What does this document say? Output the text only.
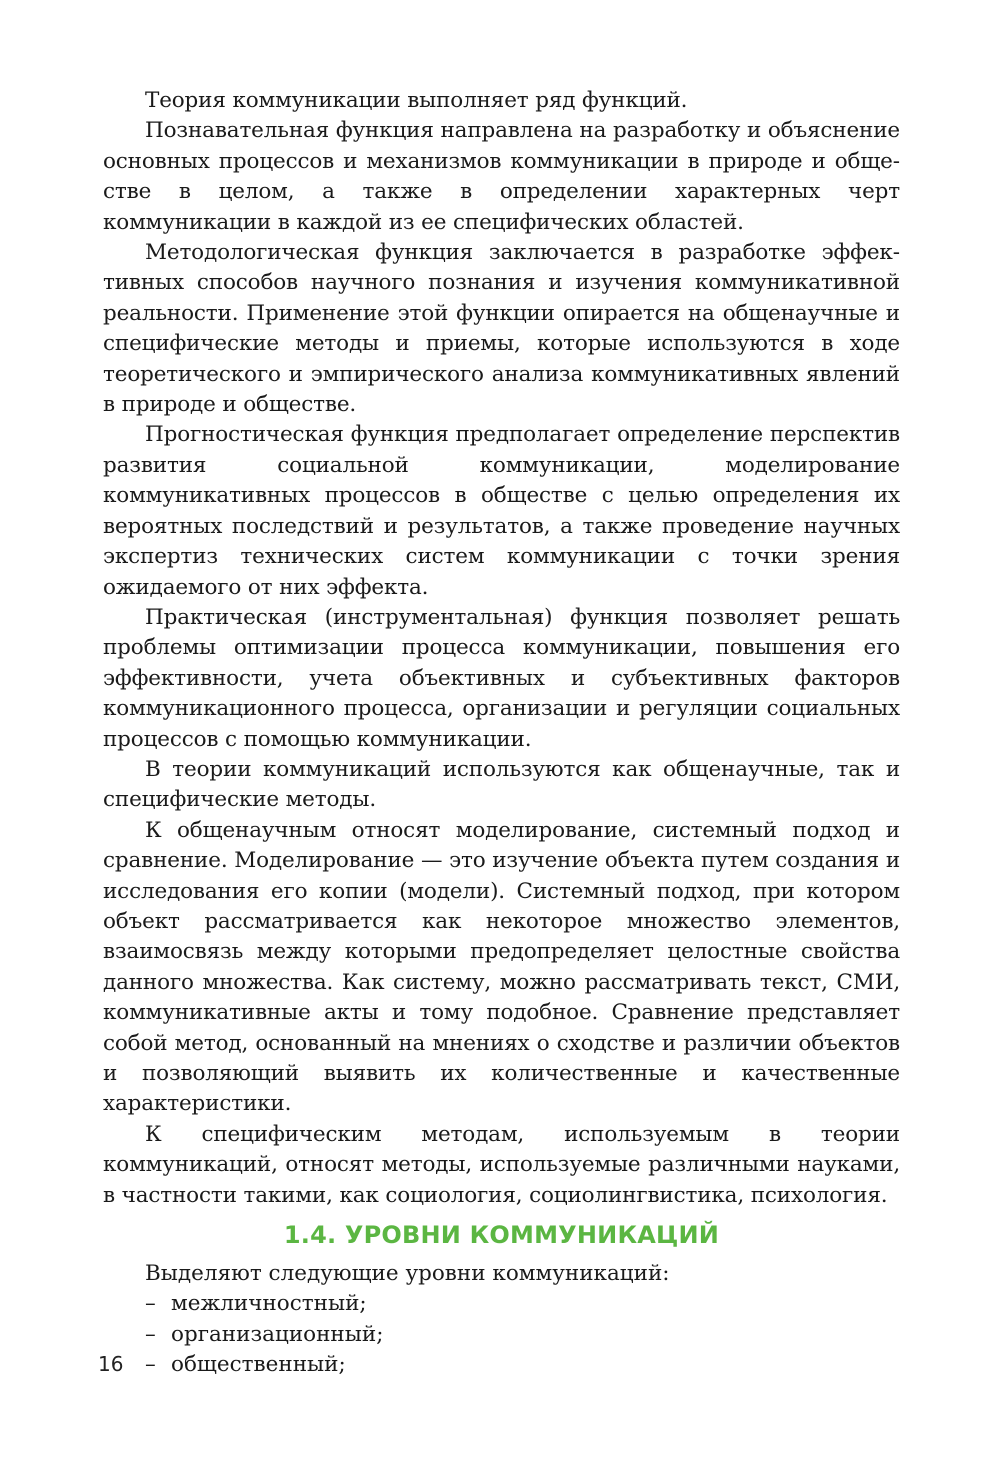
Теория коммуникации выполняет ряд функций.

Познавательная функция направлена на разработку и объяснение основных процессов и механизмов коммуникации в природе и обществе в целом, а также в определении характерных черт коммуникации в каждой из ее специфических областей.

Методологическая функция заключается в разработке эффективных способов научного познания и изучения коммуникативной реальности. Применение этой функции опирается на общенаучные и специфические методы и приемы, которые используются в ходе теоретического и эмпирического анализа коммуникативных явлений в природе и обществе.

Прогностическая функция предполагает определение перспектив развития социальной коммуникации, моделирование коммуникативных процессов в обществе с целью определения их вероятных последствий и результатов, а также проведение научных экспертиз технических систем коммуникации с точки зрения ожидаемого от них эффекта.

Практическая (инструментальная) функция позволяет решать проблемы оптимизации процесса коммуникации, повышения его эффективности, учета объективных и субъективных факторов коммуникационного процесса, организации и регуляции социальных процессов с помощью коммуникации.

В теории коммуникаций используются как общенаучные, так и специфические методы.

К общенаучным относят моделирование, системный подход и сравнение. Моделирование — это изучение объекта путем создания и исследования его копии (модели). Системный подход, при котором объект рассматривается как некоторое множество элементов, взаимосвязь между которыми предопределяет целостные свойства данного множества. Как систему, можно рассматривать текст, СМИ, коммуникативные акты и тому подобное. Сравнение представляет собой метод, основанный на мнениях о сходстве и различии объектов и позволяющий выявить их количественные и качественные характеристики.

К специфическим методам, используемым в теории коммуникаций, относят методы, используемые различными науками, в частности такими, как социология, социолингвистика, психология.

1.4. УРОВНИ КОММУНИКАЦИЙ

Выделяют следующие уровни коммуникаций:

– межличностный;
– организационный;
– общественный;
16
